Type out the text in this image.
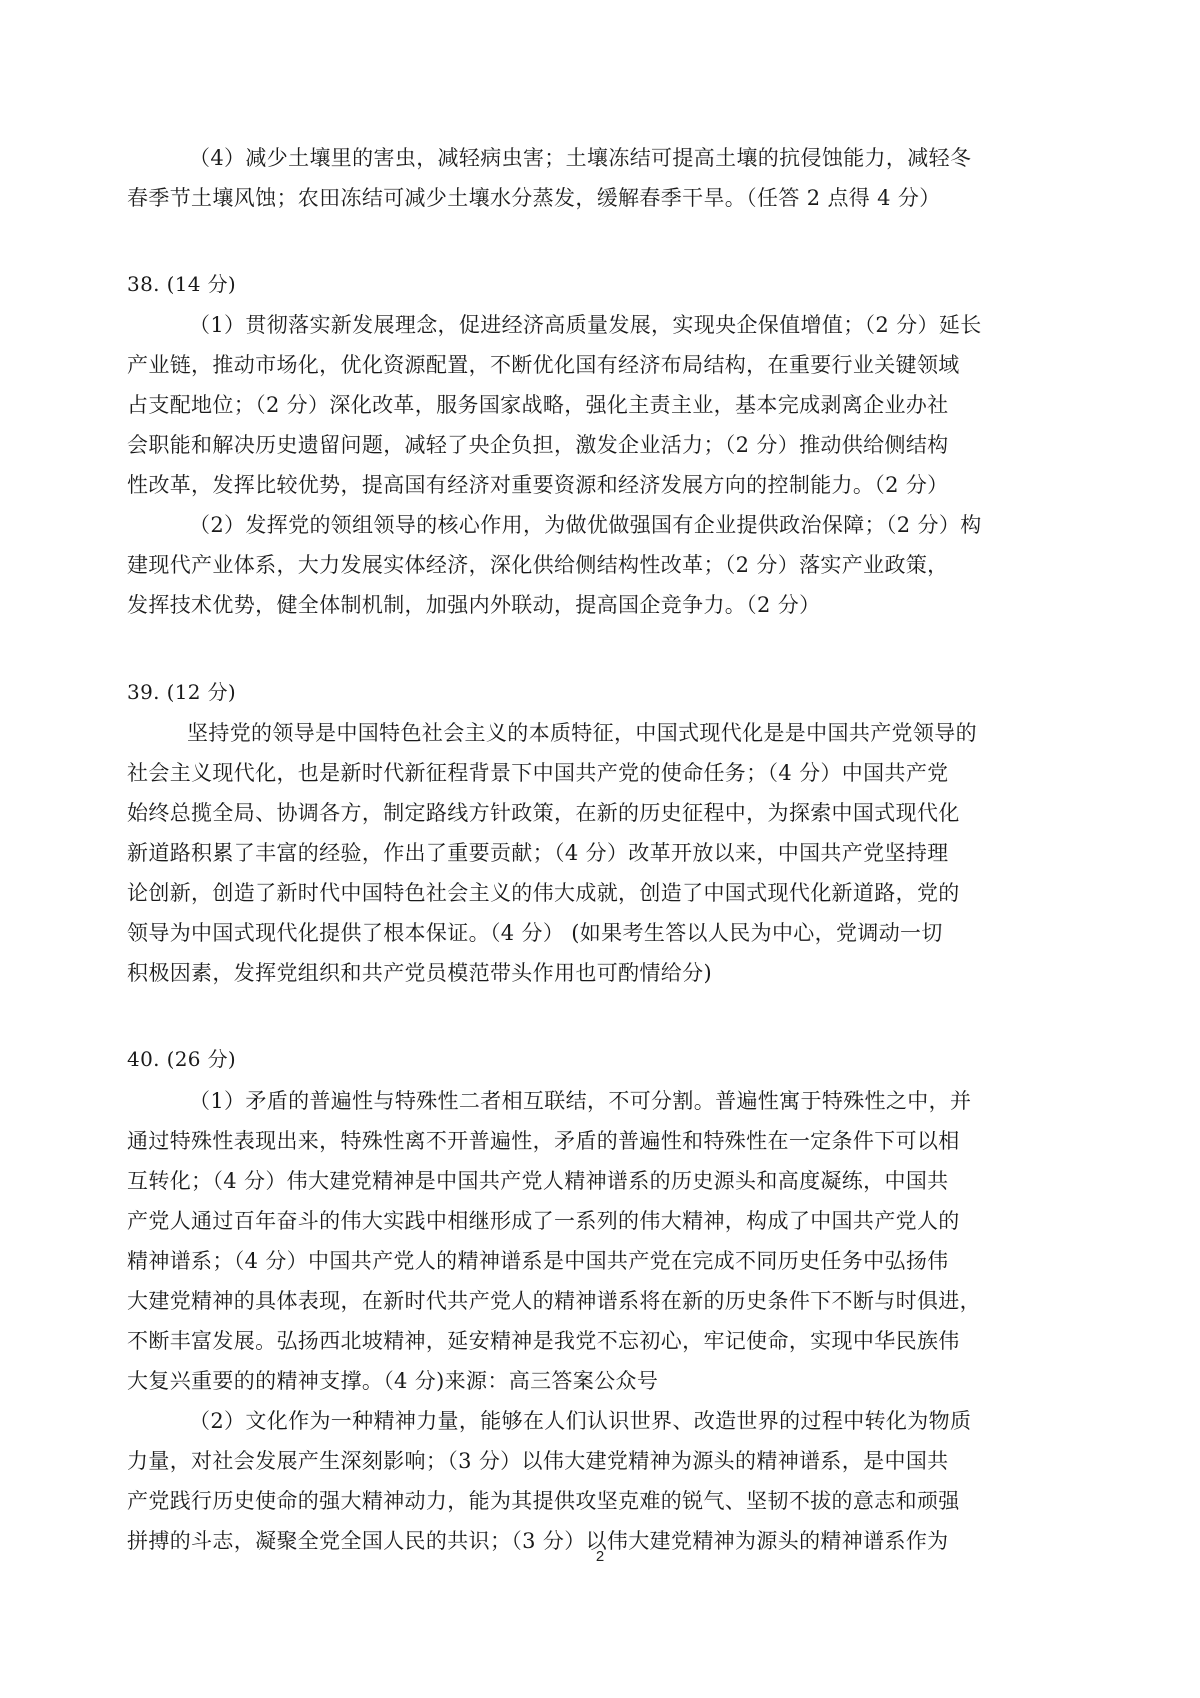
（4）减少土壤里的害虫，减轻病虫害；土壤冻结可提高土壤的抗侵蚀能力，减轻冬
春季节土壤风蚀；农田冻结可减少土壤水分蒸发，缓解春季干旱。（任答 2 点得 4 分）
38. (14 分)
（1）贯彻落实新发展理念，促进经济高质量发展，实现央企保值增值；（2 分）延长
产业链，推动市场化，优化资源配置，不断优化国有经济布局结构，在重要行业关键领域
占支配地位；（2 分）深化改革，服务国家战略，强化主责主业，基本完成剥离企业办社
会职能和解决历史遗留问题，减轻了央企负担，激发企业活力；（2 分）推动供给侧结构
性改革，发挥比较优势，提高国有经济对重要资源和经济发展方向的控制能力。（2 分）
（2）发挥党的领组领导的核心作用，为做优做强国有企业提供政治保障；（2 分）构
建现代产业体系，大力发展实体经济，深化供给侧结构性改革；（2 分）落实产业政策，
发挥技术优势，健全体制机制，加强内外联动，提高国企竞争力。（2 分）
39. (12 分)
坚持党的领导是中国特色社会主义的本质特征，中国式现代化是是中国共产党领导的
社会主义现代化，也是新时代新征程背景下中国共产党的使命任务；（4 分）中国共产党
始终总揽全局、协调各方，制定路线方针政策，在新的历史征程中，为探索中国式现代化
新道路积累了丰富的经验，作出了重要贡献；（4 分）改革开放以来，中国共产党坚持理
论创新，创造了新时代中国特色社会主义的伟大成就，创造了中国式现代化新道路，党的
领导为中国式现代化提供了根本保证。（4 分） (如果考生答以人民为中心，党调动一切
积极因素，发挥党组织和共产党员模范带头作用也可酌情给分)
40. (26 分)
（1）矛盾的普遍性与特殊性二者相互联结，不可分割。普遍性寓于特殊性之中，并
通过特殊性表现出来，特殊性离不开普遍性，矛盾的普遍性和特殊性在一定条件下可以相
互转化；（4 分）伟大建党精神是中国共产党人精神谱系的历史源头和高度凝练，中国共
产党人通过百年奋斗的伟大实践中相继形成了一系列的伟大精神，构成了中国共产党人的
精神谱系；（4 分）中国共产党人的精神谱系是中国共产党在完成不同历史任务中弘扬伟
大建党精神的具体表现，在新时代共产党人的精神谱系将在新的历史条件下不断与时俱进，
不断丰富发展。弘扬西北坡精神，延安精神是我党不忘初心，牢记使命，实现中华民族伟
大复兴重要的的精神支撑。（4 分)来源：高三答案公众号
（2）文化作为一种精神力量，能够在人们认识世界、改造世界的过程中转化为物质
力量，对社会发展产生深刻影响；（3 分）以伟大建党精神为源头的精神谱系，是中国共
产党践行历史使命的强大精神动力，能为其提供攻坚克难的锐气、坚韧不拔的意志和顽强
拼搏的斗志，凝聚全党全国人民的共识；（3 分）以伟大建党精神为源头的精神谱系作为
2
